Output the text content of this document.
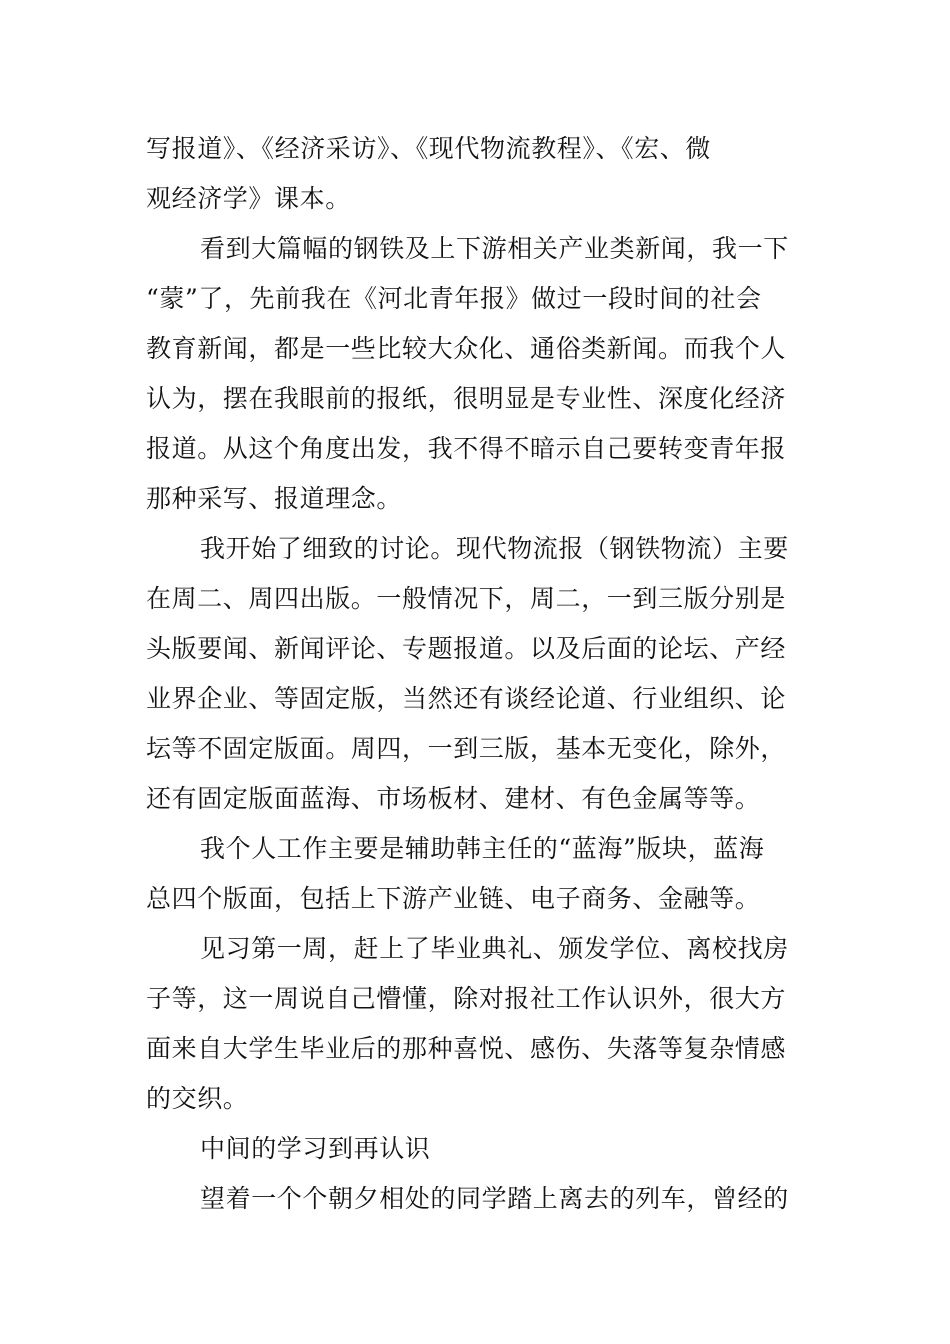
写报道》、《经济采访》、《现代物流教程》、《宏、微
观经济学》课本。
看到大篇幅的钢铁及上下游相关产业类新闻，我一下
“蒙”了，先前我在《河北青年报》做过一段时间的社会
教育新闻，都是一些比较大众化、通俗类新闻。而我个人
认为，摆在我眼前的报纸，很明显是专业性、深度化经济
报道。从这个角度出发，我不得不暗示自己要转变青年报
那种采写、报道理念。
我开始了细致的讨论。现代物流报（钢铁物流）主要
在周二、周四出版。一般情况下，周二，一到三版分别是
头版要闻、新闻评论、专题报道。以及后面的论坛、产经
业界企业、等固定版，当然还有谈经论道、行业组织、论
坛等不固定版面。周四，一到三版，基本无变化，除外，
还有固定版面蓝海、市场板材、建材、有色金属等等。
我个人工作主要是辅助韩主任的“蓝海”版块，蓝海
总四个版面，包括上下游产业链、电子商务、金融等。
见习第一周，赶上了毕业典礼、颁发学位、离校找房
子等，这一周说自己懵懂，除对报社工作认识外，很大方
面来自大学生毕业后的那种喜悦、感伤、失落等复杂情感
的交织。
中间的学习到再认识
望着一个个朝夕相处的同学踏上离去的列车，曾经的
